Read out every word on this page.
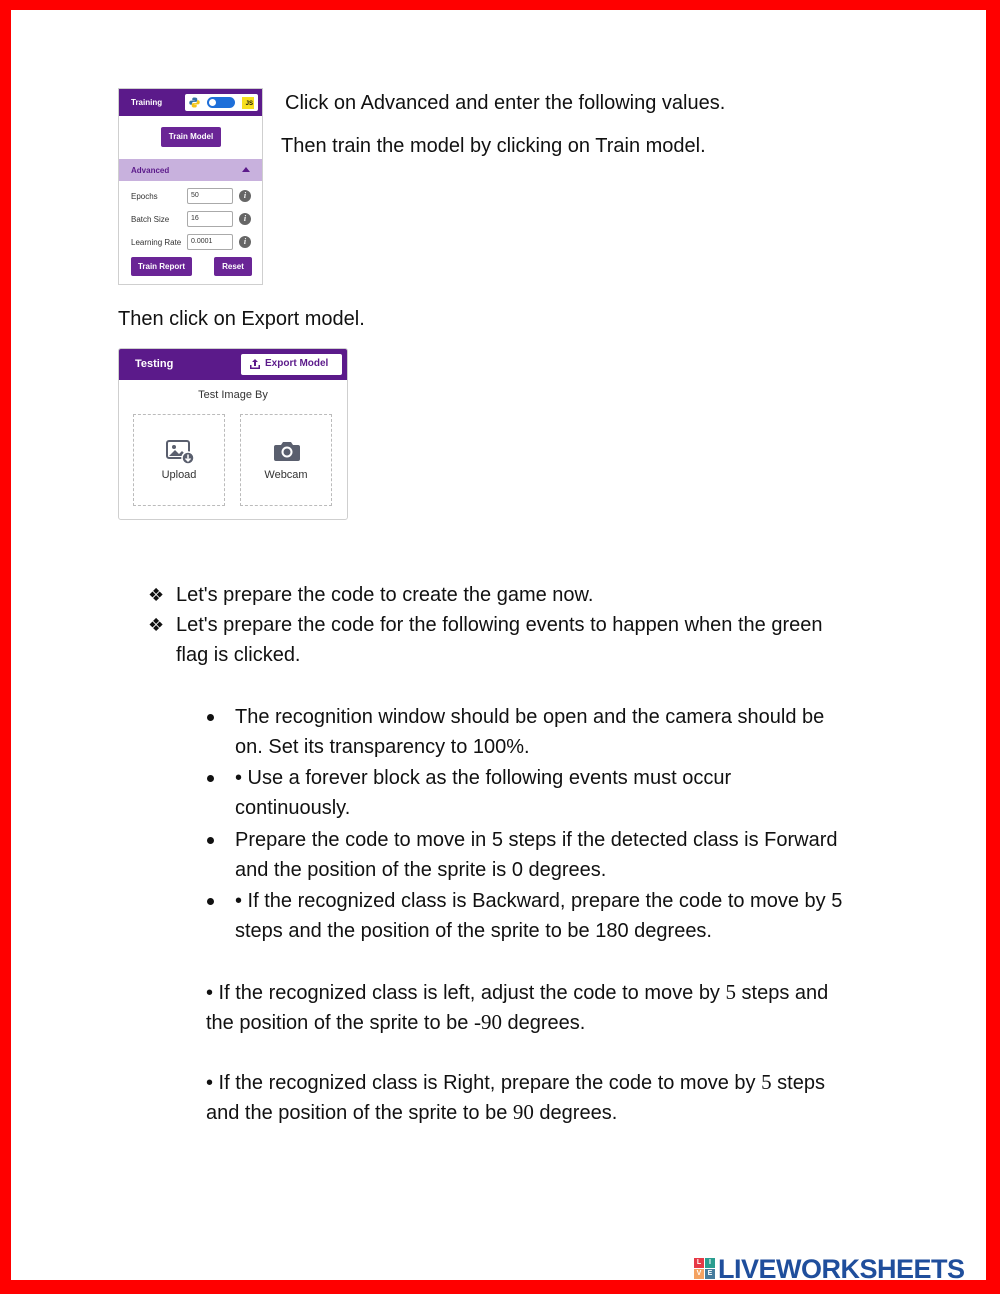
Click on Advanced and enter the following values.
Then train the model by clicking on Train model.
Training	JS
Train Model
Advanced
Epochs	50	i
Batch Size	16	i
Learning Rate	0.0001	i
Train Report	Reset
Then click on Export model.
Testing	Export Model
Test Image By
Upload	Webcam
❖ Let's prepare the code to create the game now.
❖ Let's prepare the code for the following events to happen when the green
flag is clicked.
The recognition window should be open and the camera should be
on. Set its transparency to 100%.
• Use a forever block as the following events must occur
continuously.
Prepare the code to move in 5 steps if the detected class is Forward
and the position of the sprite is 0 degrees.
• If the recognized class is Backward, prepare the code to move by 5
steps and the position of the sprite to be 180 degrees.
• If the recognized class is left, adjust the code to move by 5 steps and
the position of the sprite to be -90 degrees.
• If the recognized class is Right, prepare the code to move by 5 steps
and the position of the sprite to be 90 degrees.
L	I
V E LIVEWORKSHEETS
